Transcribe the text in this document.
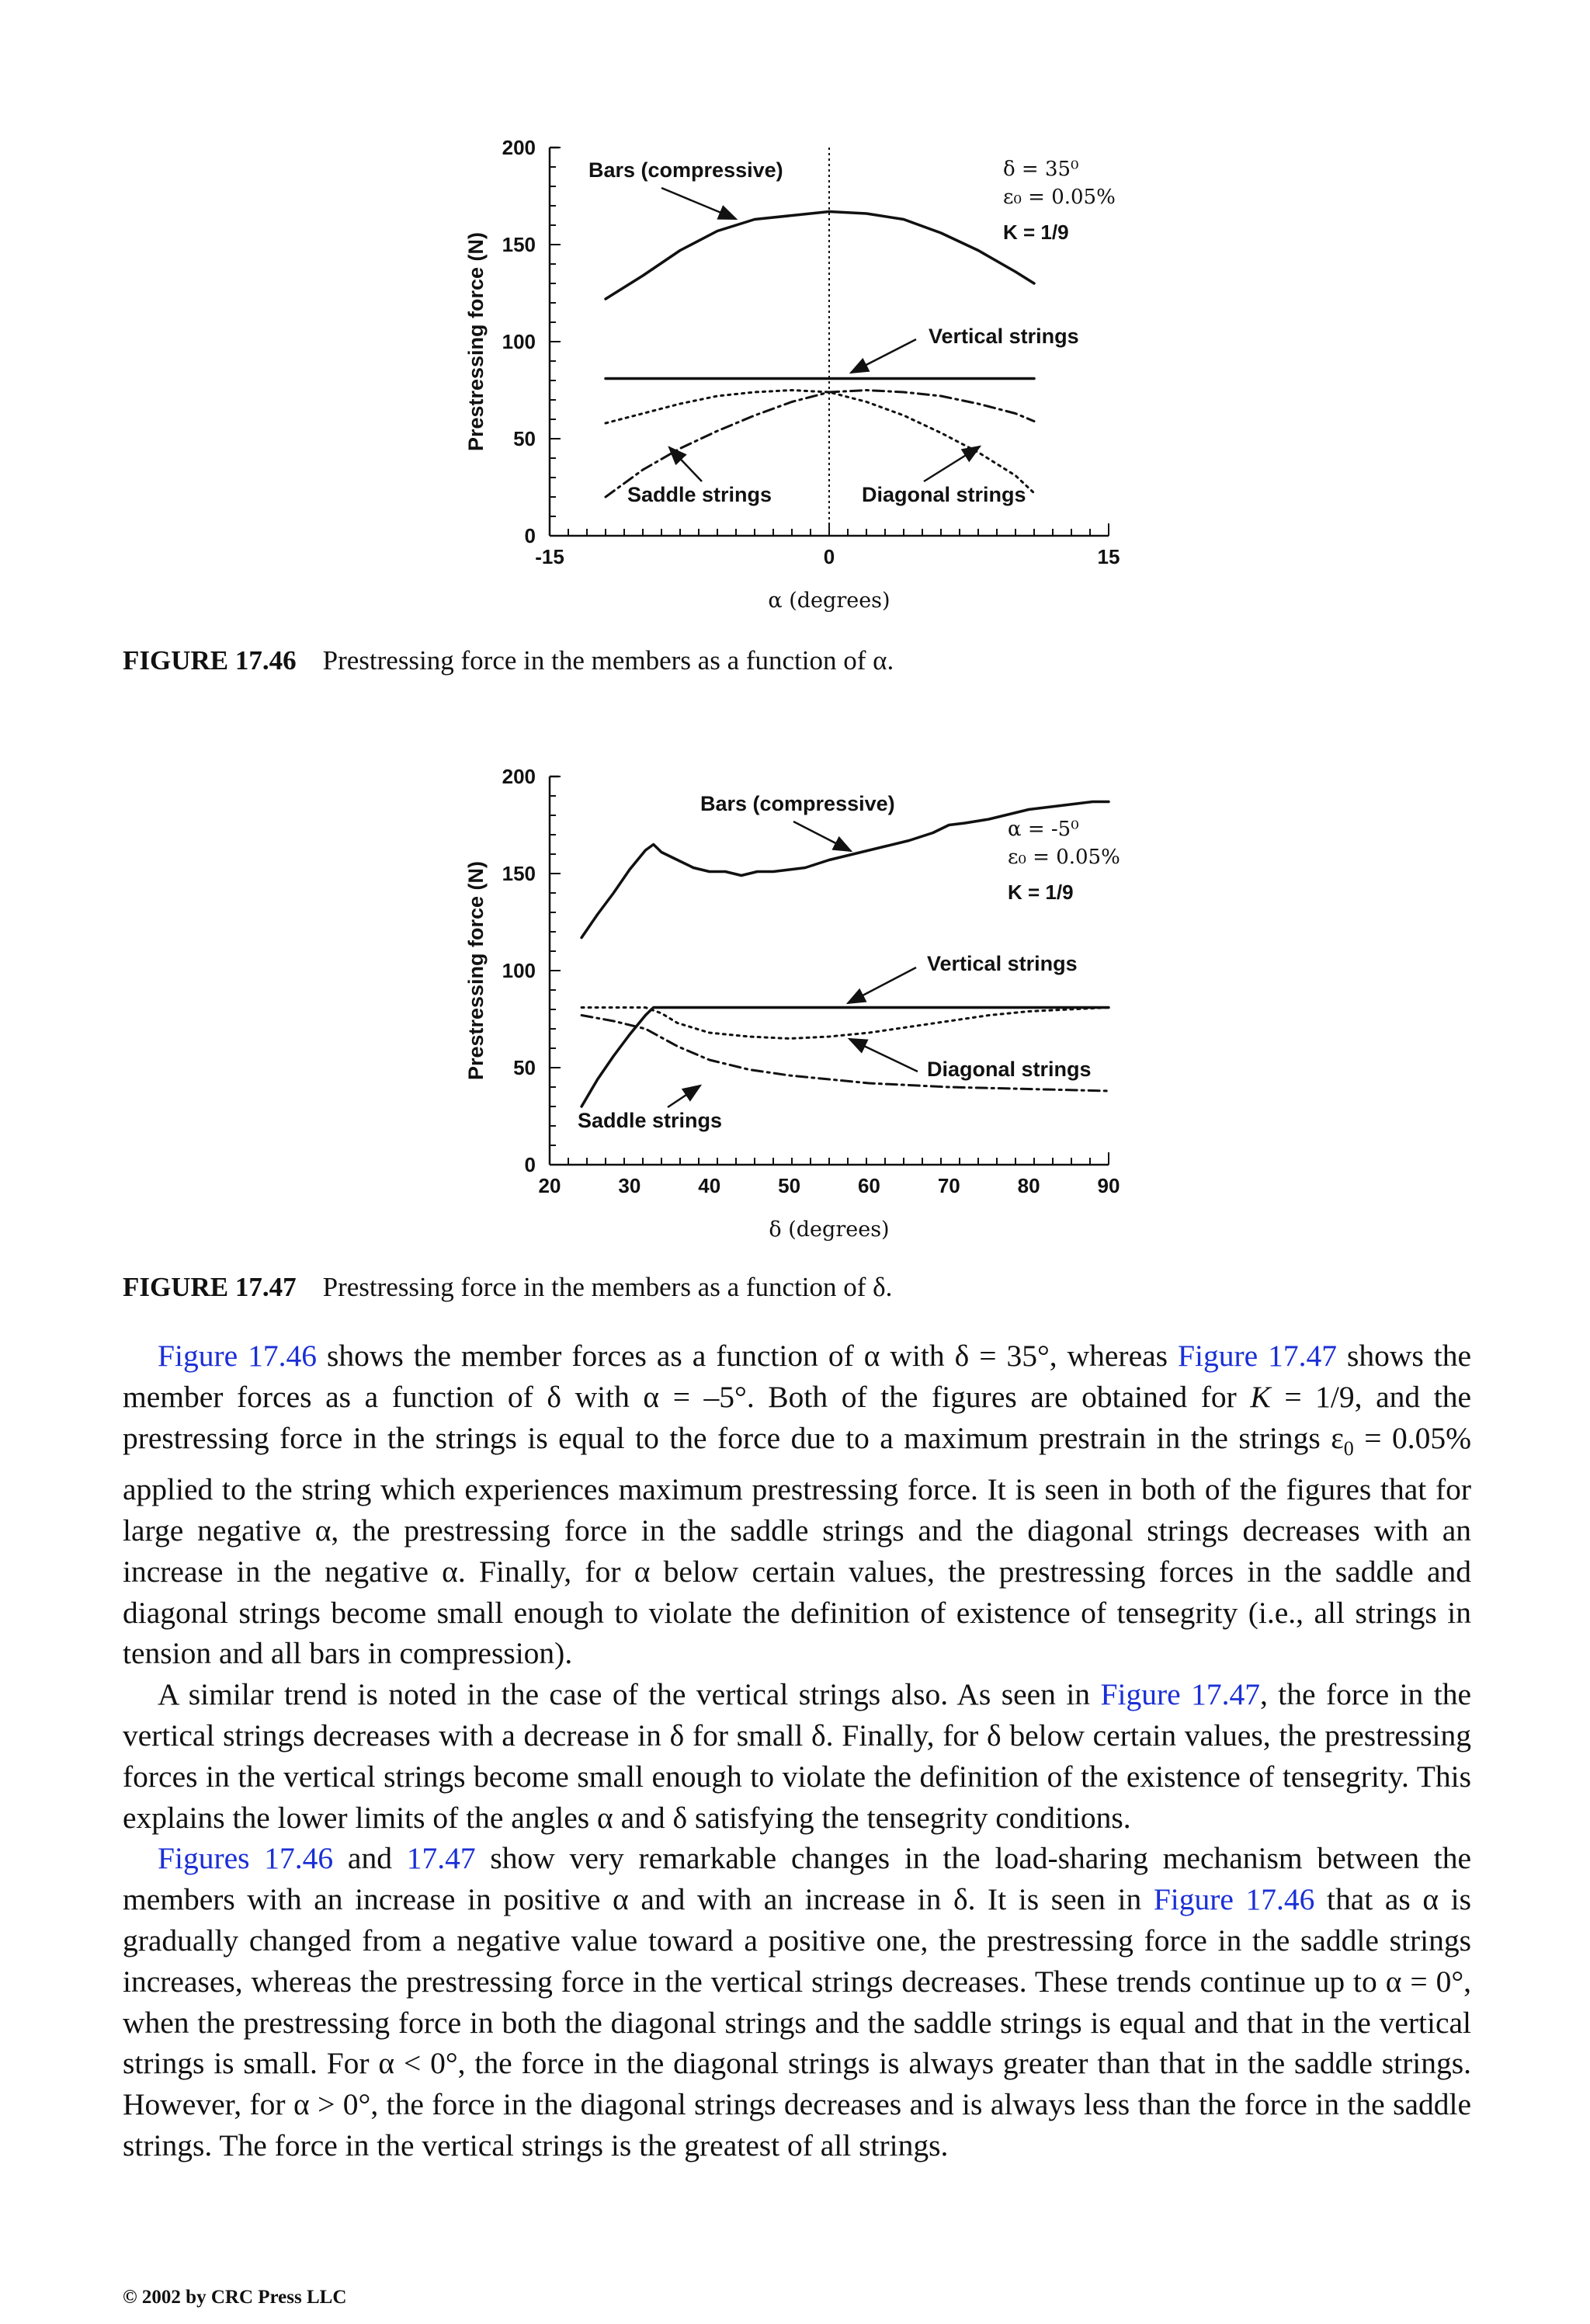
0
50
100
150
200
-15	0	15
Prestressing force (N)
α (degrees)
δ = 35⁰
ε₀ = 0.05%
K = 1/9
Bars (compressive)
Vertical strings
Saddle strings	Diagonal strings
FIGURE 17.46 Prestressing force in the members as a function of α.
0
50
100
150
200
20	30	40	50	60	70	80	90
Prestressing force (N)
δ (degrees)
α = -5⁰
ε₀ = 0.05%
K = 1/9
Bars (compressive)
Vertical strings
Diagonal strings
Saddle strings
FIGURE 17.47 Prestressing force in the members as a function of δ.

Figure 17.46 shows the member forces as a function of α with δ = 35°, whereas Figure 17.47 shows the member forces as a function of δ with α = –5°. Both of the figures are obtained for K = 1/9, and the prestressing force in the strings is equal to the force due to a maximum prestrain in the strings $\varepsilon_0 = 0.05\%$ applied to the string which experiences maximum prestressing force. It is seen in both of the figures that for large negative α, the prestressing force in the saddle strings and the diagonal strings decreases with an increase in the negative α. Finally, for α below certain values, the prestressing forces in the saddle and diagonal strings become small enough to violate the definition of existence of tensegrity (i.e., all strings in tension and all bars in compression).

A similar trend is noted in the case of the vertical strings also. As seen in Figure 17.47, the force in the vertical strings decreases with a decrease in δ for small δ. Finally, for δ below certain values, the prestressing forces in the vertical strings become small enough to violate the definition of the existence of tensegrity. This explains the lower limits of the angles α and δ satisfying the tensegrity conditions.

Figures 17.46 and 17.47 show very remarkable changes in the load-sharing mechanism between the members with an increase in positive α and with an increase in δ. It is seen in Figure 17.46 that as α is gradually changed from a negative value toward a positive one, the prestressing force in the saddle strings increases, whereas the prestressing force in the vertical strings decreases. These trends continue up to α = 0°, when the prestressing force in both the diagonal strings and the saddle strings is equal and that in the vertical strings is small. For α < 0°, the force in the diagonal strings is always greater than that in the saddle strings. However, for α > 0°, the force in the diagonal strings decreases and is always less than the force in the saddle strings. The force in the vertical strings is the greatest of all strings.

© 2002 by CRC Press LLC
